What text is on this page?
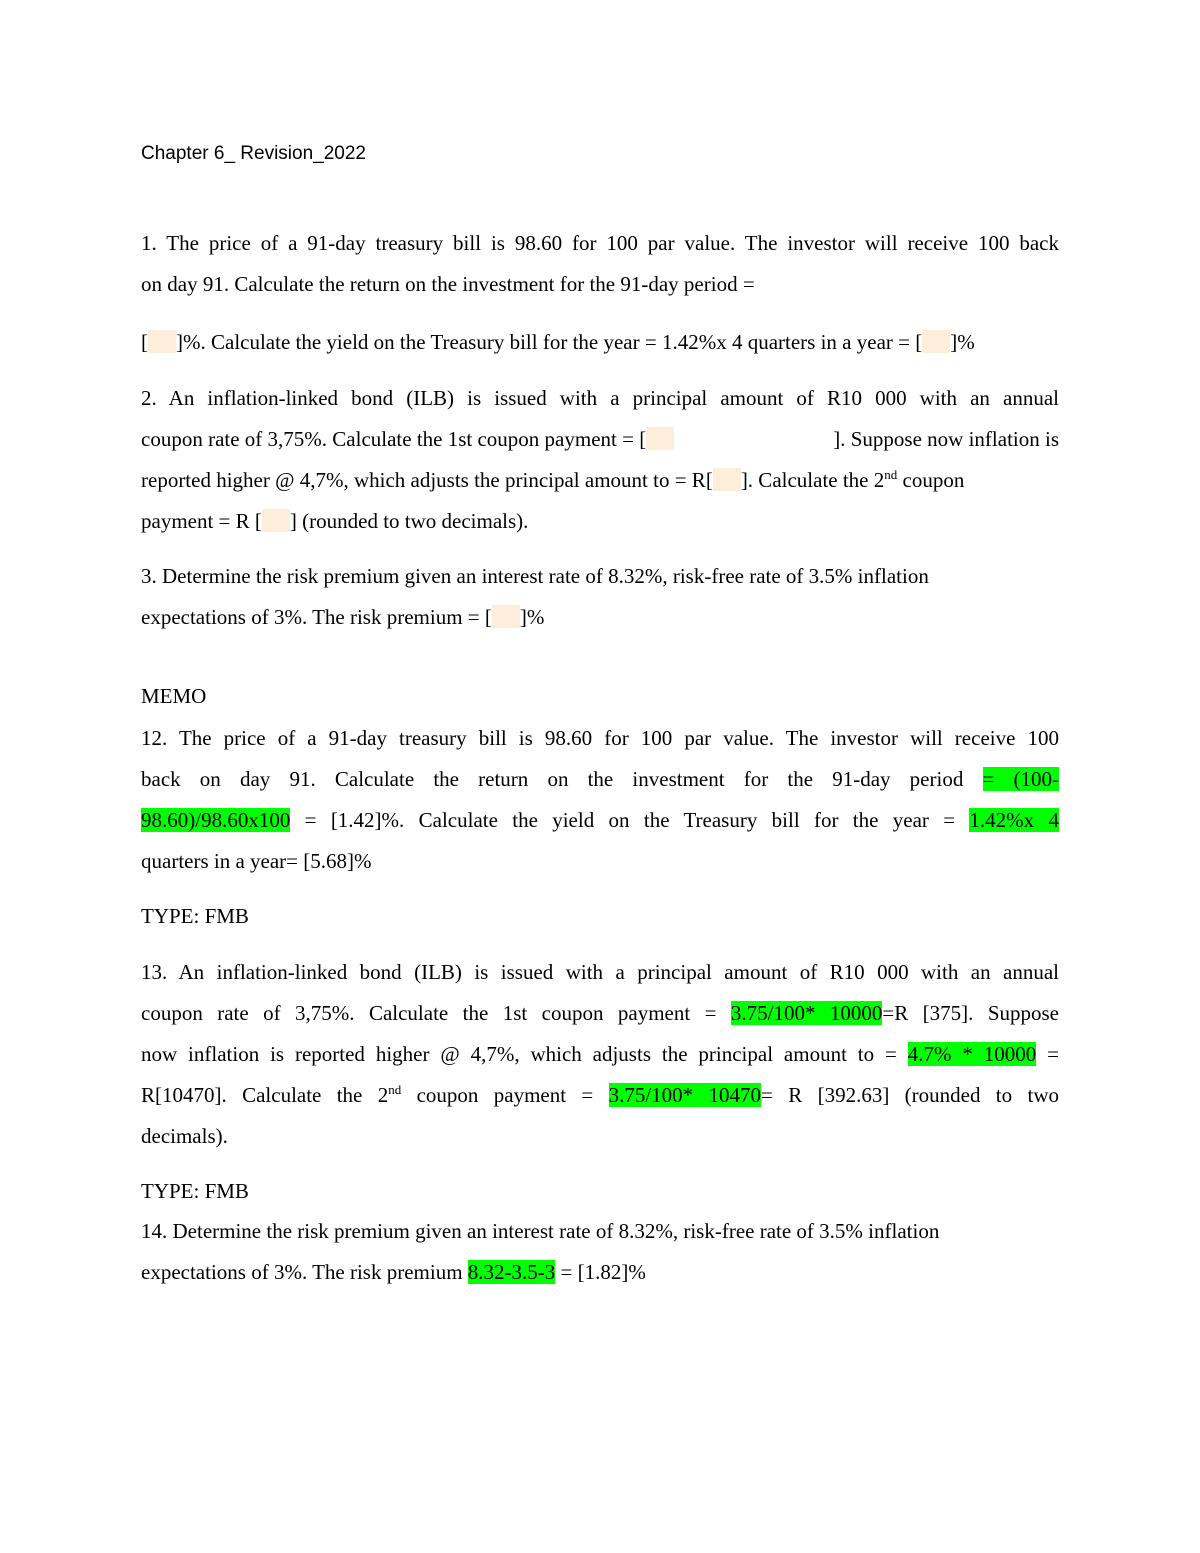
Chapter 6_ Revision_2022
1. The price of a 91-day treasury bill is 98.60 for 100 par value. The investor will receive 100 back
on day 91. Calculate the return on the investment for the 91-day period =
[ ]%. Calculate the yield on the Treasury bill for the year = 1.42%x 4 quarters in a year = [ ]%
2. An inflation-linked bond (ILB) is issued with a principal amount of R10 000 with an annual
coupon rate of 3,75%. Calculate the 1st coupon payment = [	]. Suppose now inflation is
reported higher @ 4,7%, which adjusts the principal amount to = R[ ]. Calculate the 2nd coupon
payment = R [ ] (rounded to two decimals).
3. Determine the risk premium given an interest rate of 8.32%, risk-free rate of 3.5% inflation
expectations of 3%. The risk premium = [ ]%
MEMO
12. The price of a 91-day treasury bill is 98.60 for 100 par value. The investor will receive 100
back on day 91. Calculate the return on the investment for the 91-day period = (100-
98.60)/98.60x100 = [1.42]%. Calculate the yield on the Treasury bill for the year = 1.42%x 4
quarters in a year= [5.68]%
TYPE: FMB
13. An inflation-linked bond (ILB) is issued with a principal amount of R10 000 with an annual
coupon rate of 3,75%. Calculate the 1st coupon payment = 3.75/100* 10000=R [375]. Suppose
now inflation is reported higher @ 4,7%, which adjusts the principal amount to = 4.7% * 10000 =
R[10470]. Calculate the 2nd coupon payment = 3.75/100* 10470= R [392.63] (rounded to two
decimals).
TYPE: FMB
14. Determine the risk premium given an interest rate of 8.32%, risk-free rate of 3.5% inflation
expectations of 3%. The risk premium 8.32-3.5-3 = [1.82]%
